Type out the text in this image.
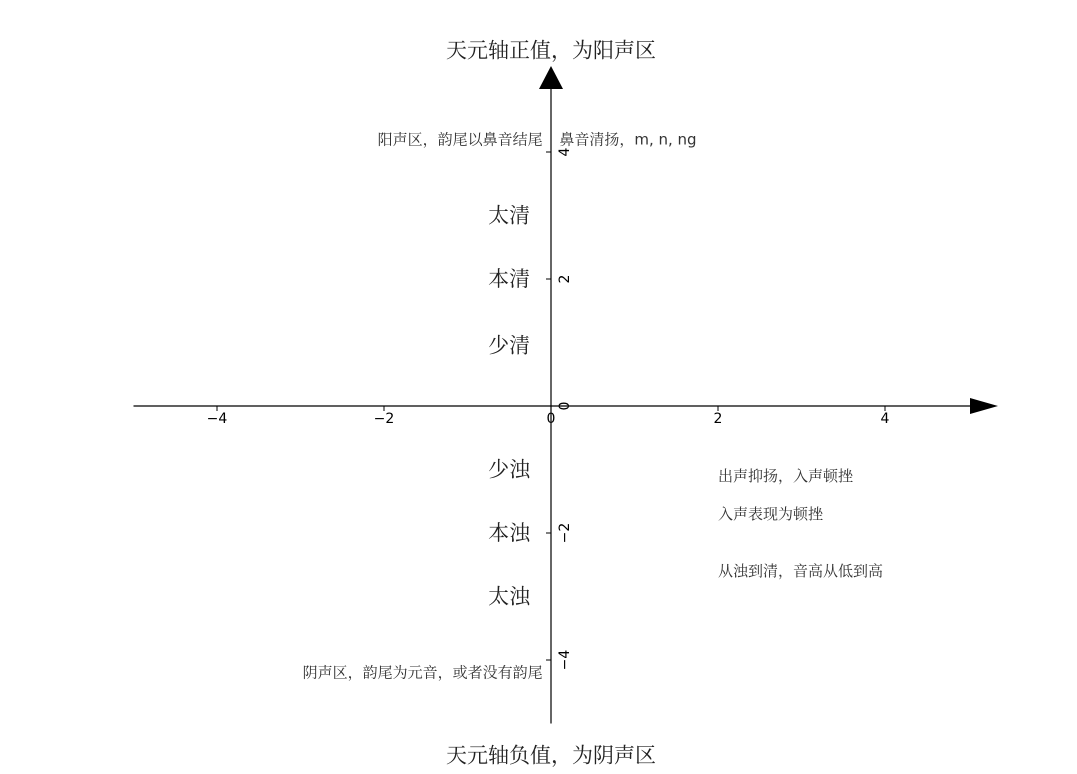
−4	−2	0	2	4
−4
−2
0
2
4
天元轴正值，为阳声区
天元轴负值，为阴声区
阳声区，韵尾以鼻音结尾 鼻音清扬，m, n, ng
太清
本清
少清
少浊
本浊
太浊
阴声区，韵尾为元音，或者没有韵尾
出声抑扬，入声顿挫
入声表现为顿挫
从浊到清，音高从低到高
